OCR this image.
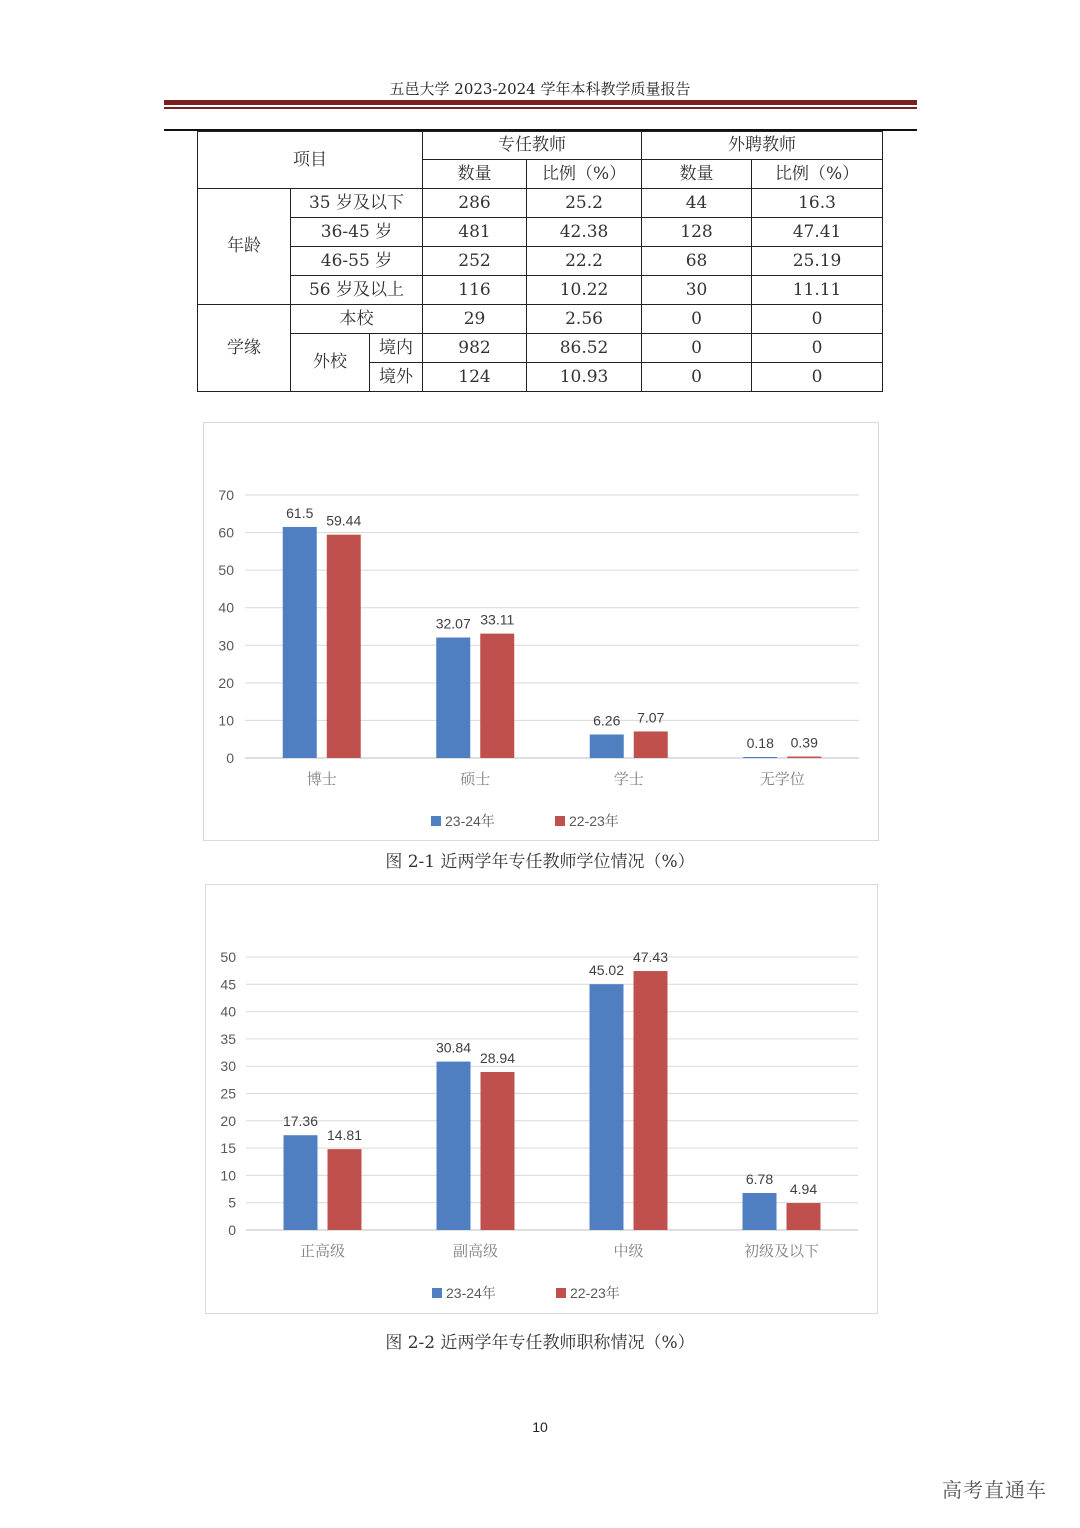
五邑大学 2023-2024 学年本科教学质量报告
项目			专任教师		外聘教师	
			数量	比例（%）	数量	比例（%）
年龄	35 岁及以下		286	25.2	44	16.3
	36-45 岁		481	42.38	128	47.41
	46-55 岁		252	22.2	68	25.19
	56 岁及以上		116	10.22	30	11.11
学缘	本校		29	2.56	0	0
	外校	境内	982	86.52	0	0
		境外	124	10.93	0	0
0
10
20
30
40
50
60
70
61.5 59.44
博士
32.07 33.11
硕士
6.26 7.07
学士
0.18 0.39
无学位
23-24年	22-23年
图 2-1 近两学年专任教师学位情况（%）
0
5
10
15
20
25
30
35
40
45
50
17.36
14.81
正高级
30.84
28.94
副高级
45.02
47.43
中级
6.78
4.94
初级及以下
23-24年	22-23年
图 2-2 近两学年专任教师职称情况（%）
10
高考直通车
